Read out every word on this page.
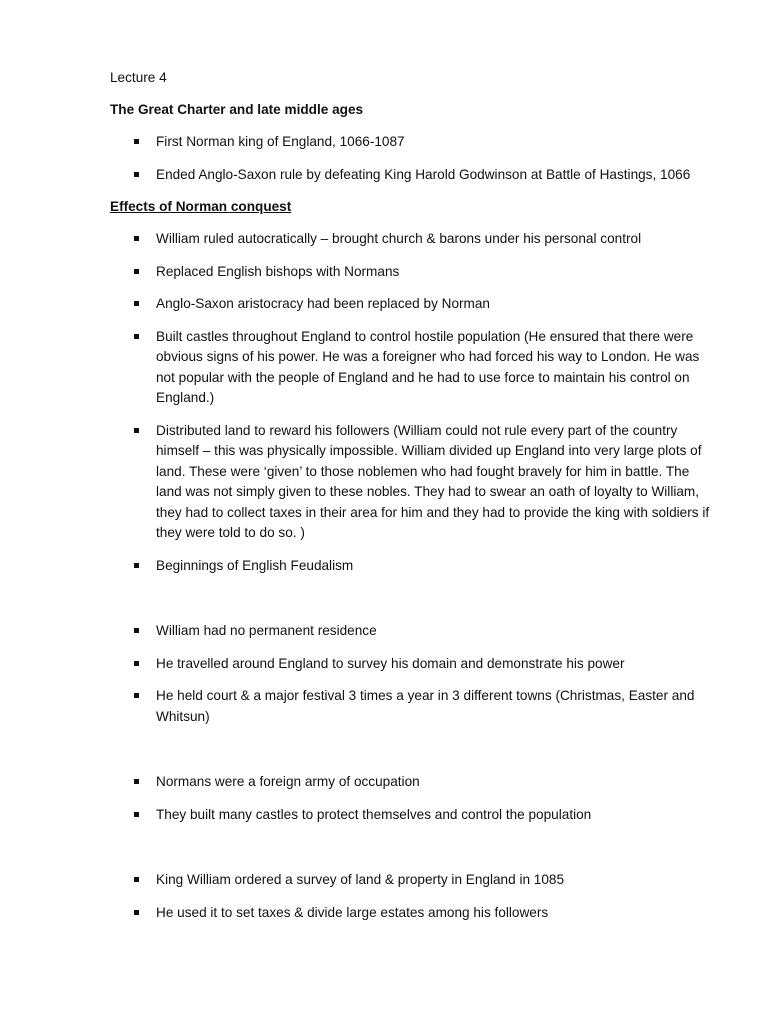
Lecture 4

The Great Charter and late middle ages

First Norman king of England, 1066-1087
Ended Anglo-Saxon rule by defeating King Harold Godwinson at Battle of Hastings, 1066

Effects of Norman conquest

William ruled autocratically – brought church & barons under his personal control
Replaced English bishops with Normans
Anglo-Saxon aristocracy had been replaced by Norman
Built castles throughout England to control hostile population (He ensured that there were obvious signs of his power. He was a foreigner who had forced his way to London. He was not popular with the people of England and he had to use force to maintain his control on England.)
Distributed land to reward his followers (William could not rule every part of the country himself – this was physically impossible. William divided up England into very large plots of land. These were ‘given’ to those noblemen who had fought bravely for him in battle. The land was not simply given to these nobles. They had to swear an oath of loyalty to William, they had to collect taxes in their area for him and they had to provide the king with soldiers if they were told to do so. )
Beginnings of English Feudalism
William had no permanent residence
He travelled around England to survey his domain and demonstrate his power
He held court & a major festival 3 times a year in 3 different towns (Christmas, Easter and Whitsun)
Normans were a foreign army of occupation
They built many castles to protect themselves and control the population
King William ordered a survey of land & property in England in 1085
He used it to set taxes & divide large estates among his followers
